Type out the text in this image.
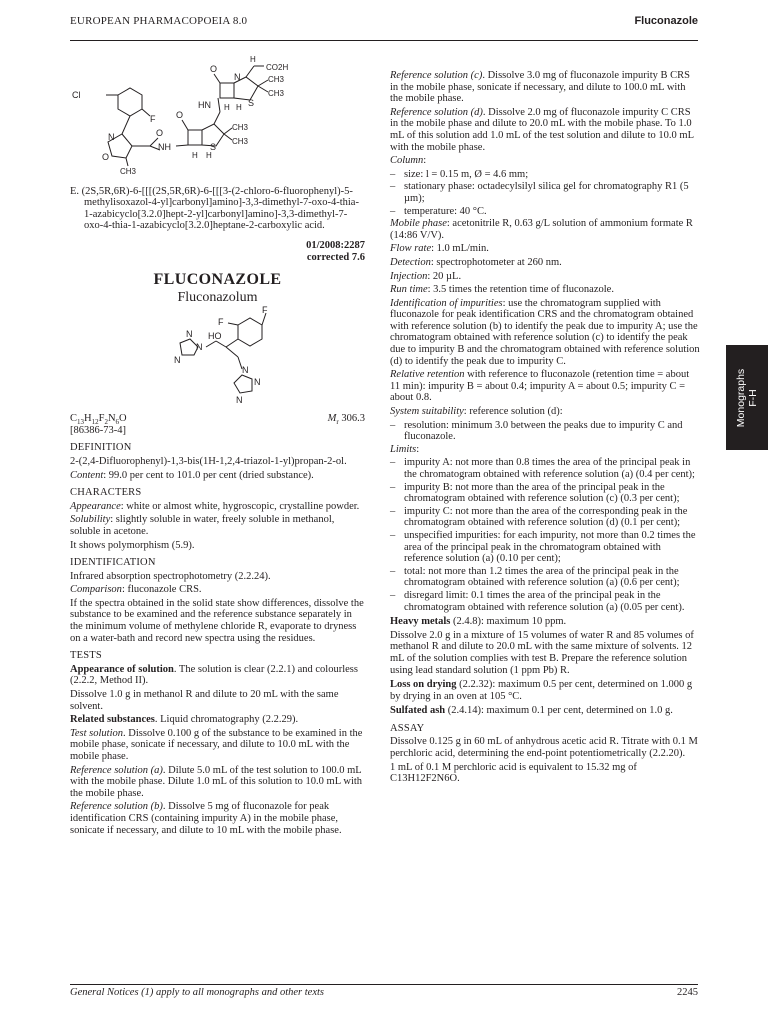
EUROPEAN PHARMACOPOEIA 8.0	Fluconazole
Cl
F
N
O
CH3
O
NH
O
H H
S
CH3
CH3
HN
O
H H
N
S
CH3
CH3
H
CO2H

E. (2S,5R,6R)-6-[[[(2S,5R,6R)-6-[[[3-(2-chloro-6-fluorophenyl)-5-methylisoxazol-4-yl]carbonyl]amino]-3,3-dimethyl-7-oxo-4-thia-1-azabicyclo[3.2.0]hept-2-yl]carbonyl]amino]-3,3-dimethyl-7-oxo-4-thia-1-azabicyclo[3.2.0]heptane-2-carboxylic acid.

01/2008:2287

corrected 7.6

FLUCONAZOLE

Fluconazolum

F
F
HO
N
N
N
N
N
N
$C_{13}H_{12}F_2N_6O$	$M_r$ 306.3

[86386-73-4]

DEFINITION

2-(2,4-Difluorophenyl)-1,3-bis(1H-1,2,4-triazol-1-yl)propan-2-ol.

Content: 99.0 per cent to 101.0 per cent (dried substance).

CHARACTERS

Appearance: white or almost white, hygroscopic, crystalline powder.

Solubility: slightly soluble in water, freely soluble in methanol, soluble in acetone.

It shows polymorphism (5.9).

IDENTIFICATION

Infrared absorption spectrophotometry (2.2.24).

Comparison: fluconazole CRS.

If the spectra obtained in the solid state show differences, dissolve the substance to be examined and the reference substance separately in the minimum volume of methylene chloride R, evaporate to dryness on a water-bath and record new spectra using the residues.

TESTS

Appearance of solution. The solution is clear (2.2.1) and colourless (2.2.2, Method II).

Dissolve 1.0 g in methanol R and dilute to 20 mL with the same solvent.

Related substances. Liquid chromatography (2.2.29).

Test solution. Dissolve 0.100 g of the substance to be examined in the mobile phase, sonicate if necessary, and dilute to 10.0 mL with the mobile phase.

Reference solution (a). Dilute 5.0 mL of the test solution to 100.0 mL with the mobile phase. Dilute 1.0 mL of this solution to 10.0 mL with the mobile phase.

Reference solution (b). Dissolve 5 mg of fluconazole for peak identification CRS (containing impurity A) in the mobile phase, sonicate if necessary, and dilute to 10 mL with the mobile phase.

Reference solution (c). Dissolve 3.0 mg of fluconazole impurity B CRS in the mobile phase, sonicate if necessary, and dilute to 100.0 mL with the mobile phase.

Reference solution (d). Dissolve 2.0 mg of fluconazole impurity C CRS in the mobile phase and dilute to 20.0 mL with the mobile phase. To 1.0 mL of this solution add 1.0 mL of the test solution and dilute to 10.0 mL with the mobile phase.

Column:

– size: l = 0.15 m, Ø = 4.6 mm;

– stationary phase: octadecylsilyl silica gel for chromatography R1 (5 µm);

– temperature: 40 °C.

Mobile phase: acetonitrile R, 0.63 g/L solution of ammonium formate R (14:86 V/V).

Flow rate: 1.0 mL/min.

Detection: spectrophotometer at 260 nm.

Injection: 20 µL.

Run time: 3.5 times the retention time of fluconazole.

Identification of impurities: use the chromatogram supplied with fluconazole for peak identification CRS and the chromatogram obtained with reference solution (b) to identify the peak due to impurity A; use the chromatogram obtained with reference solution (c) to identify the peak due to impurity B and the chromatogram obtained with reference solution (d) to identify the peak due to impurity C.

Relative retention with reference to fluconazole (retention time = about 11 min): impurity B = about 0.4; impurity A = about 0.5; impurity C = about 0.8.

System suitability: reference solution (d):

– resolution: minimum 3.0 between the peaks due to impurity C and fluconazole.

Limits:

– impurity A: not more than 0.8 times the area of the principal peak in the chromatogram obtained with reference solution (a) (0.4 per cent);

– impurity B: not more than the area of the principal peak in the chromatogram obtained with reference solution (c) (0.3 per cent);

– impurity C: not more than the area of the corresponding peak in the chromatogram obtained with reference solution (d) (0.1 per cent);

– unspecified impurities: for each impurity, not more than 0.2 times the area of the principal peak in the chromatogram obtained with reference solution (a) (0.10 per cent);

– total: not more than 1.2 times the area of the principal peak in the chromatogram obtained with reference solution (a) (0.6 per cent);

– disregard limit: 0.1 times the area of the principal peak in the chromatogram obtained with reference solution (a) (0.05 per cent).

Heavy metals (2.4.8): maximum 10 ppm.

Dissolve 2.0 g in a mixture of 15 volumes of water R and 85 volumes of methanol R and dilute to 20.0 mL with the same mixture of solvents. 12 mL of the solution complies with test B. Prepare the reference solution using lead standard solution (1 ppm Pb) R.

Loss on drying (2.2.32): maximum 0.5 per cent, determined on 1.000 g by drying in an oven at 105 °C.

Sulfated ash (2.4.14): maximum 0.1 per cent, determined on 1.0 g.

ASSAY

Dissolve 0.125 g in 60 mL of anhydrous acetic acid R. Titrate with 0.1 M perchloric acid, determining the end-point potentiometrically (2.2.20).

1 mL of 0.1 M perchloric acid is equivalent to 15.32 mg of C13H12F2N6O.

Monographs F-H
General Notices (1) apply to all monographs and other texts	2245
